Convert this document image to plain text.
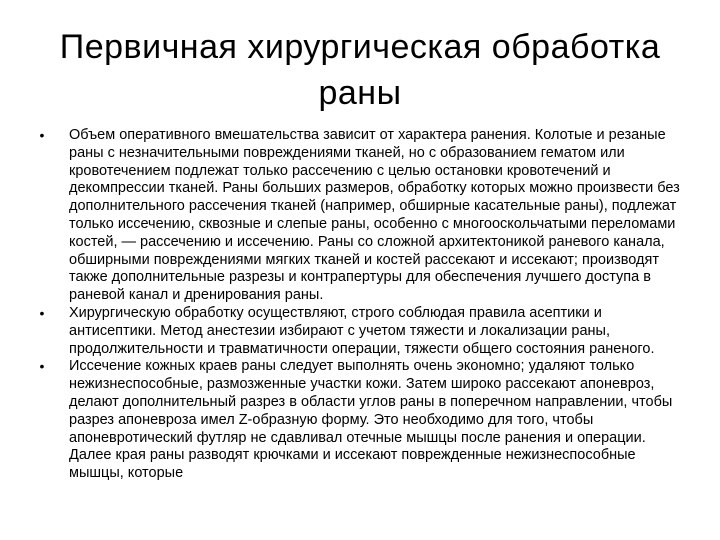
Первичная хирургическая обработка раны
• Объем оперативного вмешательства зависит от характера ранения. Колотые и резаные раны с незначительными повреждениями тканей, но с образованием гематом или кровотечением подлежат только рассечению с целью остановки кровотечений и декомпрессии тканей. Раны больших размеров, обработку которых можно произвести без дополнительного рассечения тканей (например, обширные касательные раны), подлежат только иссечению, сквозные и слепые раны, особенно с многооскольчатыми переломами костей, — рассечению и иссечению. Раны со сложной архитектоникой раневого канала, обширными повреждениями мягких тканей и костей рассекают и иссекают; производят также дополнительные разрезы и контрапертуры для обеспечения лучшего доступа в раневой канал и дренирования раны.
• Хирургическую обработку осуществляют, строго соблюдая правила асептики и антисептики. Метод анестезии избирают с учетом тяжести и локализации раны, продолжительности и травматичности операции, тяжести общего состояния раненого.
• Иссечение кожных краев раны следует выполнять очень экономно; удаляют только нежизнеспособные, размозженные участки кожи. Затем широко рассекают апоневроз, делают дополнительный разрез в области углов раны в поперечном направлении, чтобы разрез апоневроза имел Z-образную форму. Это необходимо для того, чтобы апоневротический футляр не сдавливал отечные мышцы после ранения и операции. Далее края раны разводят крючками и иссекают поврежденные нежизнеспособные мышцы, которые
